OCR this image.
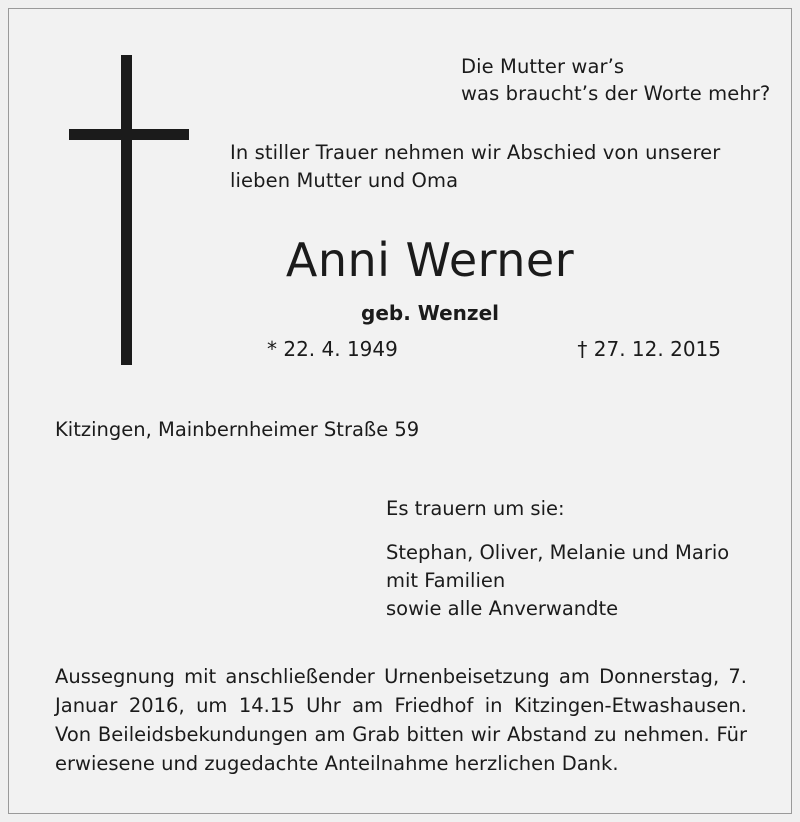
Die Mutter war’s
was braucht’s der Worte mehr?
In stiller Trauer nehmen wir Abschied von unserer
lieben Mutter und Oma
Anni Werner
geb. Wenzel
* 22. 4. 1949	† 27. 12. 2015
Kitzingen, Mainbernheimer Straße 59
Es trauern um sie:
Stephan, Oliver, Melanie und Mario
mit Familien
sowie alle Anverwandte
Aussegnung mit anschließender Urnenbeisetzung am Donnerstag, 7. Januar 2016, um 14.15 Uhr am Friedhof in Kitzingen-Etwashausen. Von Beileidsbekundungen am Grab bitten wir Abstand zu nehmen. Für erwiesene und zugedachte Anteilnahme herzlichen Dank.
